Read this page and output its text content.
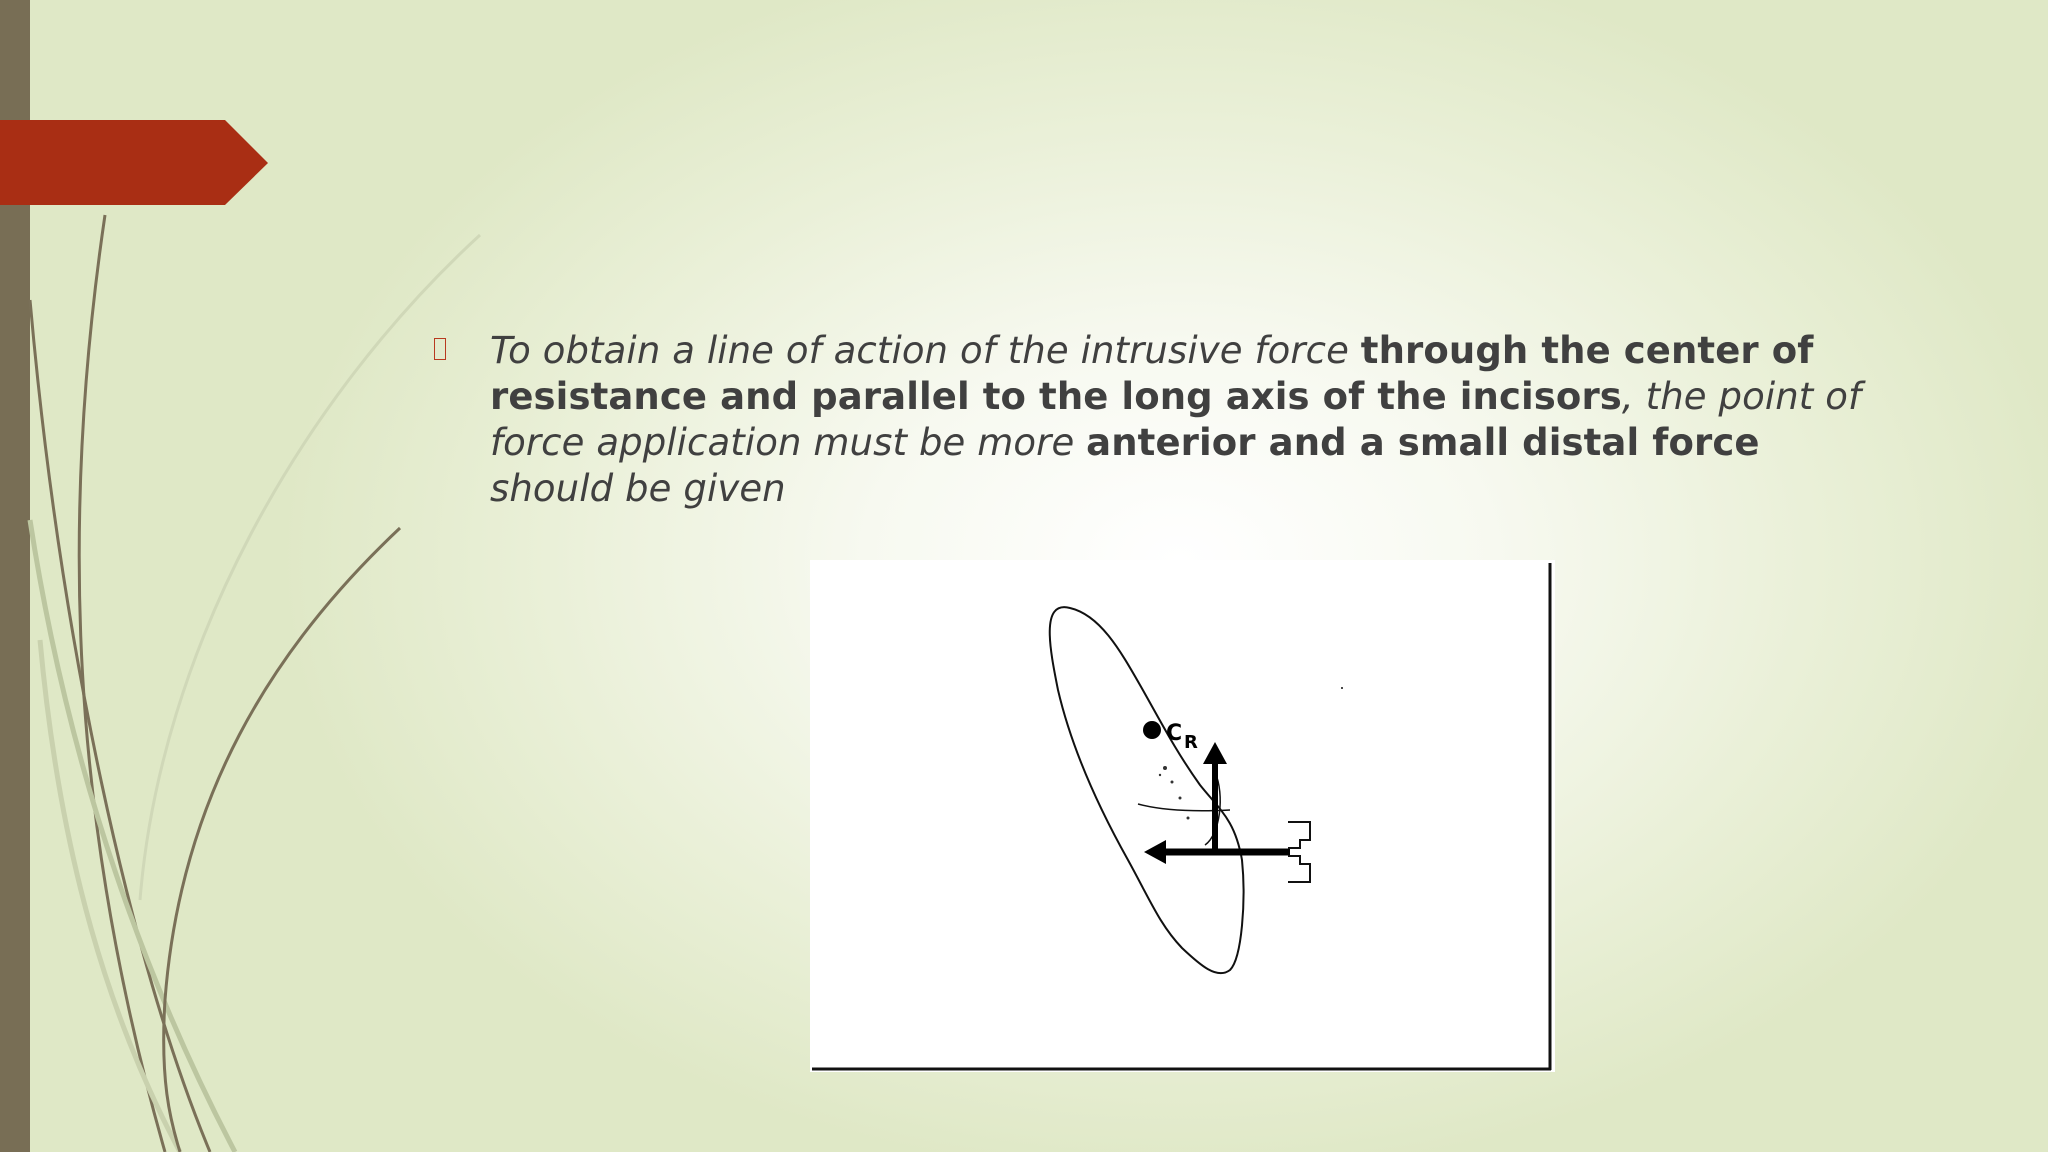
To obtain a line of action of the intrusive force through the center of resistance and parallel to the long axis of the incisors, the point of force application must be more anterior and a small distal force should be given
C R
